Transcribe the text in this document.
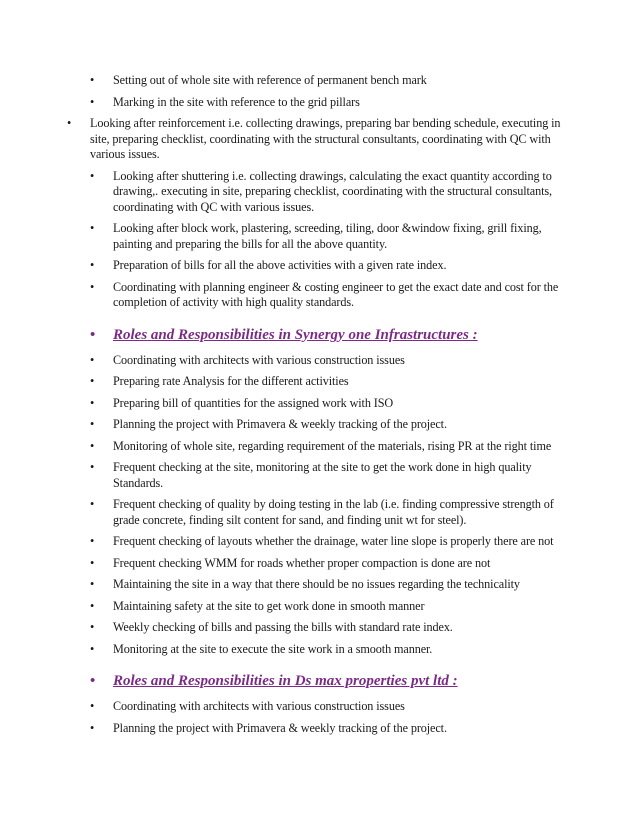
•	Setting out of whole site with reference of permanent bench mark
•	Marking in the site with reference to the grid pillars
•	Looking after reinforcement i.e. collecting drawings, preparing bar bending schedule, executing in site, preparing checklist, coordinating with the structural consultants, coordinating with QC with various issues.
•	Looking after shuttering i.e. collecting drawings, calculating the exact quantity according to drawing,. executing in site, preparing checklist, coordinating with the structural consultants, coordinating with QC with various issues.
•	Looking after block work, plastering, screeding, tiling, door &window fixing, grill fixing, painting and preparing the bills for all the above quantity.
•	Preparation of bills for all the above activities with a given rate index.
•	Coordinating with planning engineer & costing engineer to get the exact date and cost for the completion of activity with high quality standards.
• Roles and Responsibilities in Synergy one Infrastructures :
•	Coordinating with architects with various construction issues
•	Preparing rate Analysis for the different activities
•	Preparing bill of quantities for the assigned work with ISO
•	Planning the project with Primavera & weekly tracking of the project.
•	Monitoring of whole site, regarding requirement of the materials, rising PR at the right time
•	Frequent checking at the site, monitoring at the site to get the work done in high quality Standards.
•	Frequent checking of quality by doing testing in the lab (i.e. finding compressive strength of grade concrete, finding silt content for sand, and finding unit wt for steel).
•	Frequent checking of layouts whether the drainage, water line slope is properly there are not
•	Frequent checking WMM for roads whether proper compaction is done are not
•	Maintaining the site in a way that there should be no issues regarding the technicality
•	Maintaining safety at the site to get work done in smooth manner
•	Weekly checking of bills and passing the bills with standard rate index.
•	Monitoring at the site to execute the site work in a smooth manner.
• Roles and Responsibilities in Ds max properties pvt ltd :
•	Coordinating with architects with various construction issues
•	Planning the project with Primavera & weekly tracking of the project.
